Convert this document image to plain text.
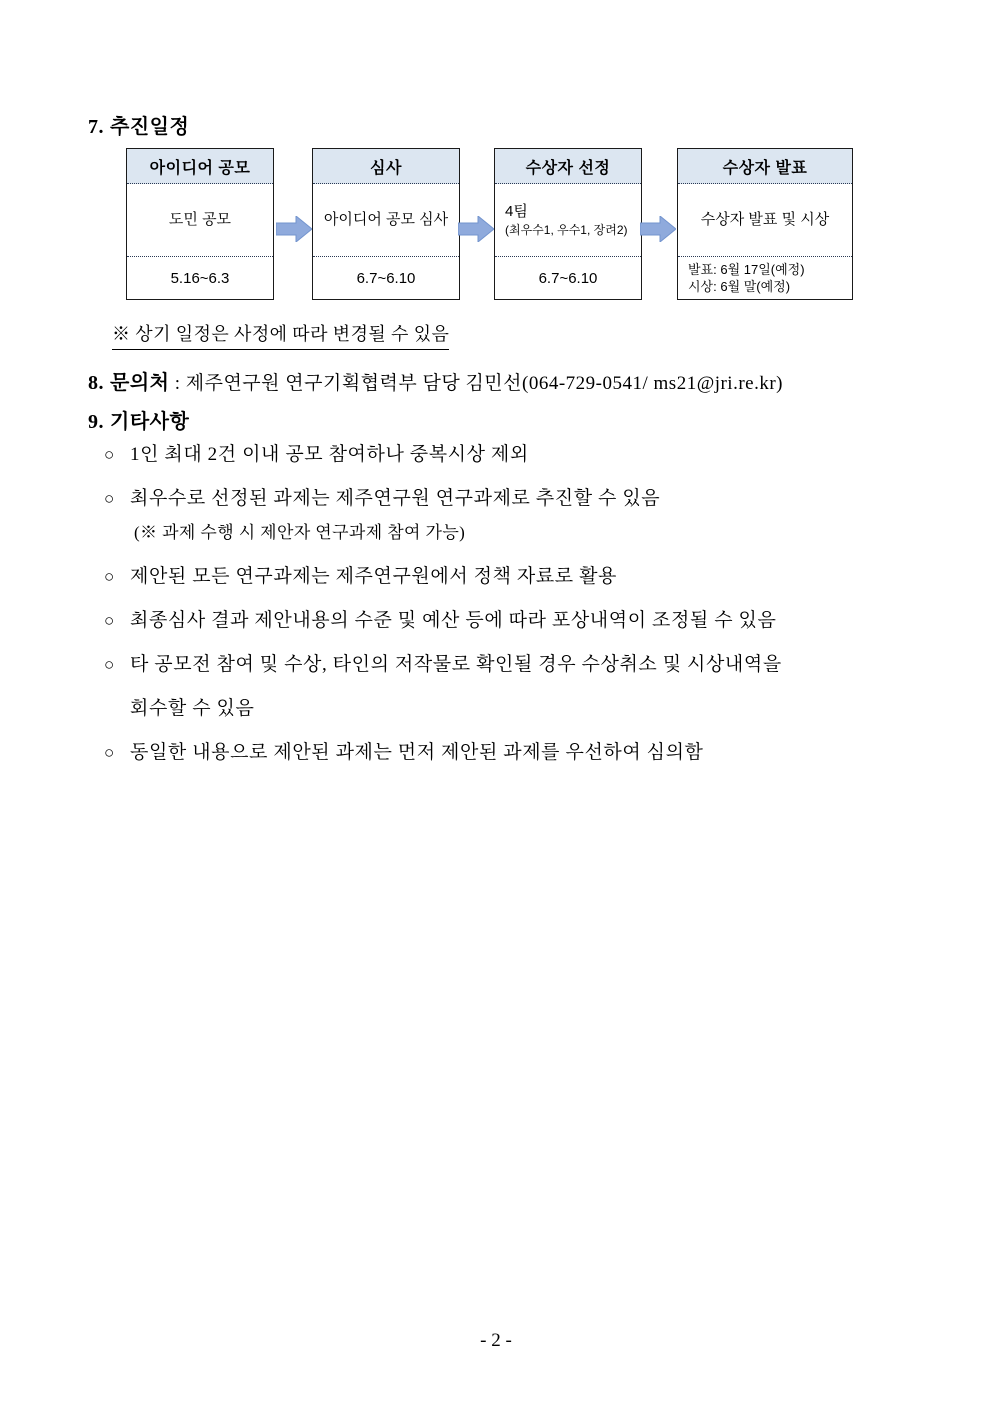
7. 추진일정
아이디어 공모
도민 공모
5.16~6.3
심사
아이디어 공모 심사
6.7~6.10
수상자 선정
4팀
(최우수1, 우수1, 장려2)
6.7~6.10
수상자 발표
수상자 발표 및 시상
발표: 6월 17일(예정)
시상: 6월 말(예정)
※ 상기 일정은 사정에 따라 변경될 수 있음
8. 문의처 : 제주연구원 연구기획협력부 담당 김민선(064-729-0541/ ms21@jri.re.kr)
9. 기타사항
○ 1인 최대 2건 이내 공모 참여하나 중복시상 제외
○ 최우수로 선정된 과제는 제주연구원 연구과제로 추진할 수 있음
(※ 과제 수행 시 제안자 연구과제 참여 가능)
○ 제안된 모든 연구과제는 제주연구원에서 정책 자료로 활용
○ 최종심사 결과 제안내용의 수준 및 예산 등에 따라 포상내역이 조정될 수 있음
○ 타 공모전 참여 및 수상, 타인의 저작물로 확인될 경우 수상취소 및 시상내역을
회수할 수 있음
○ 동일한 내용으로 제안된 과제는 먼저 제안된 과제를 우선하여 심의함
- 2 -
